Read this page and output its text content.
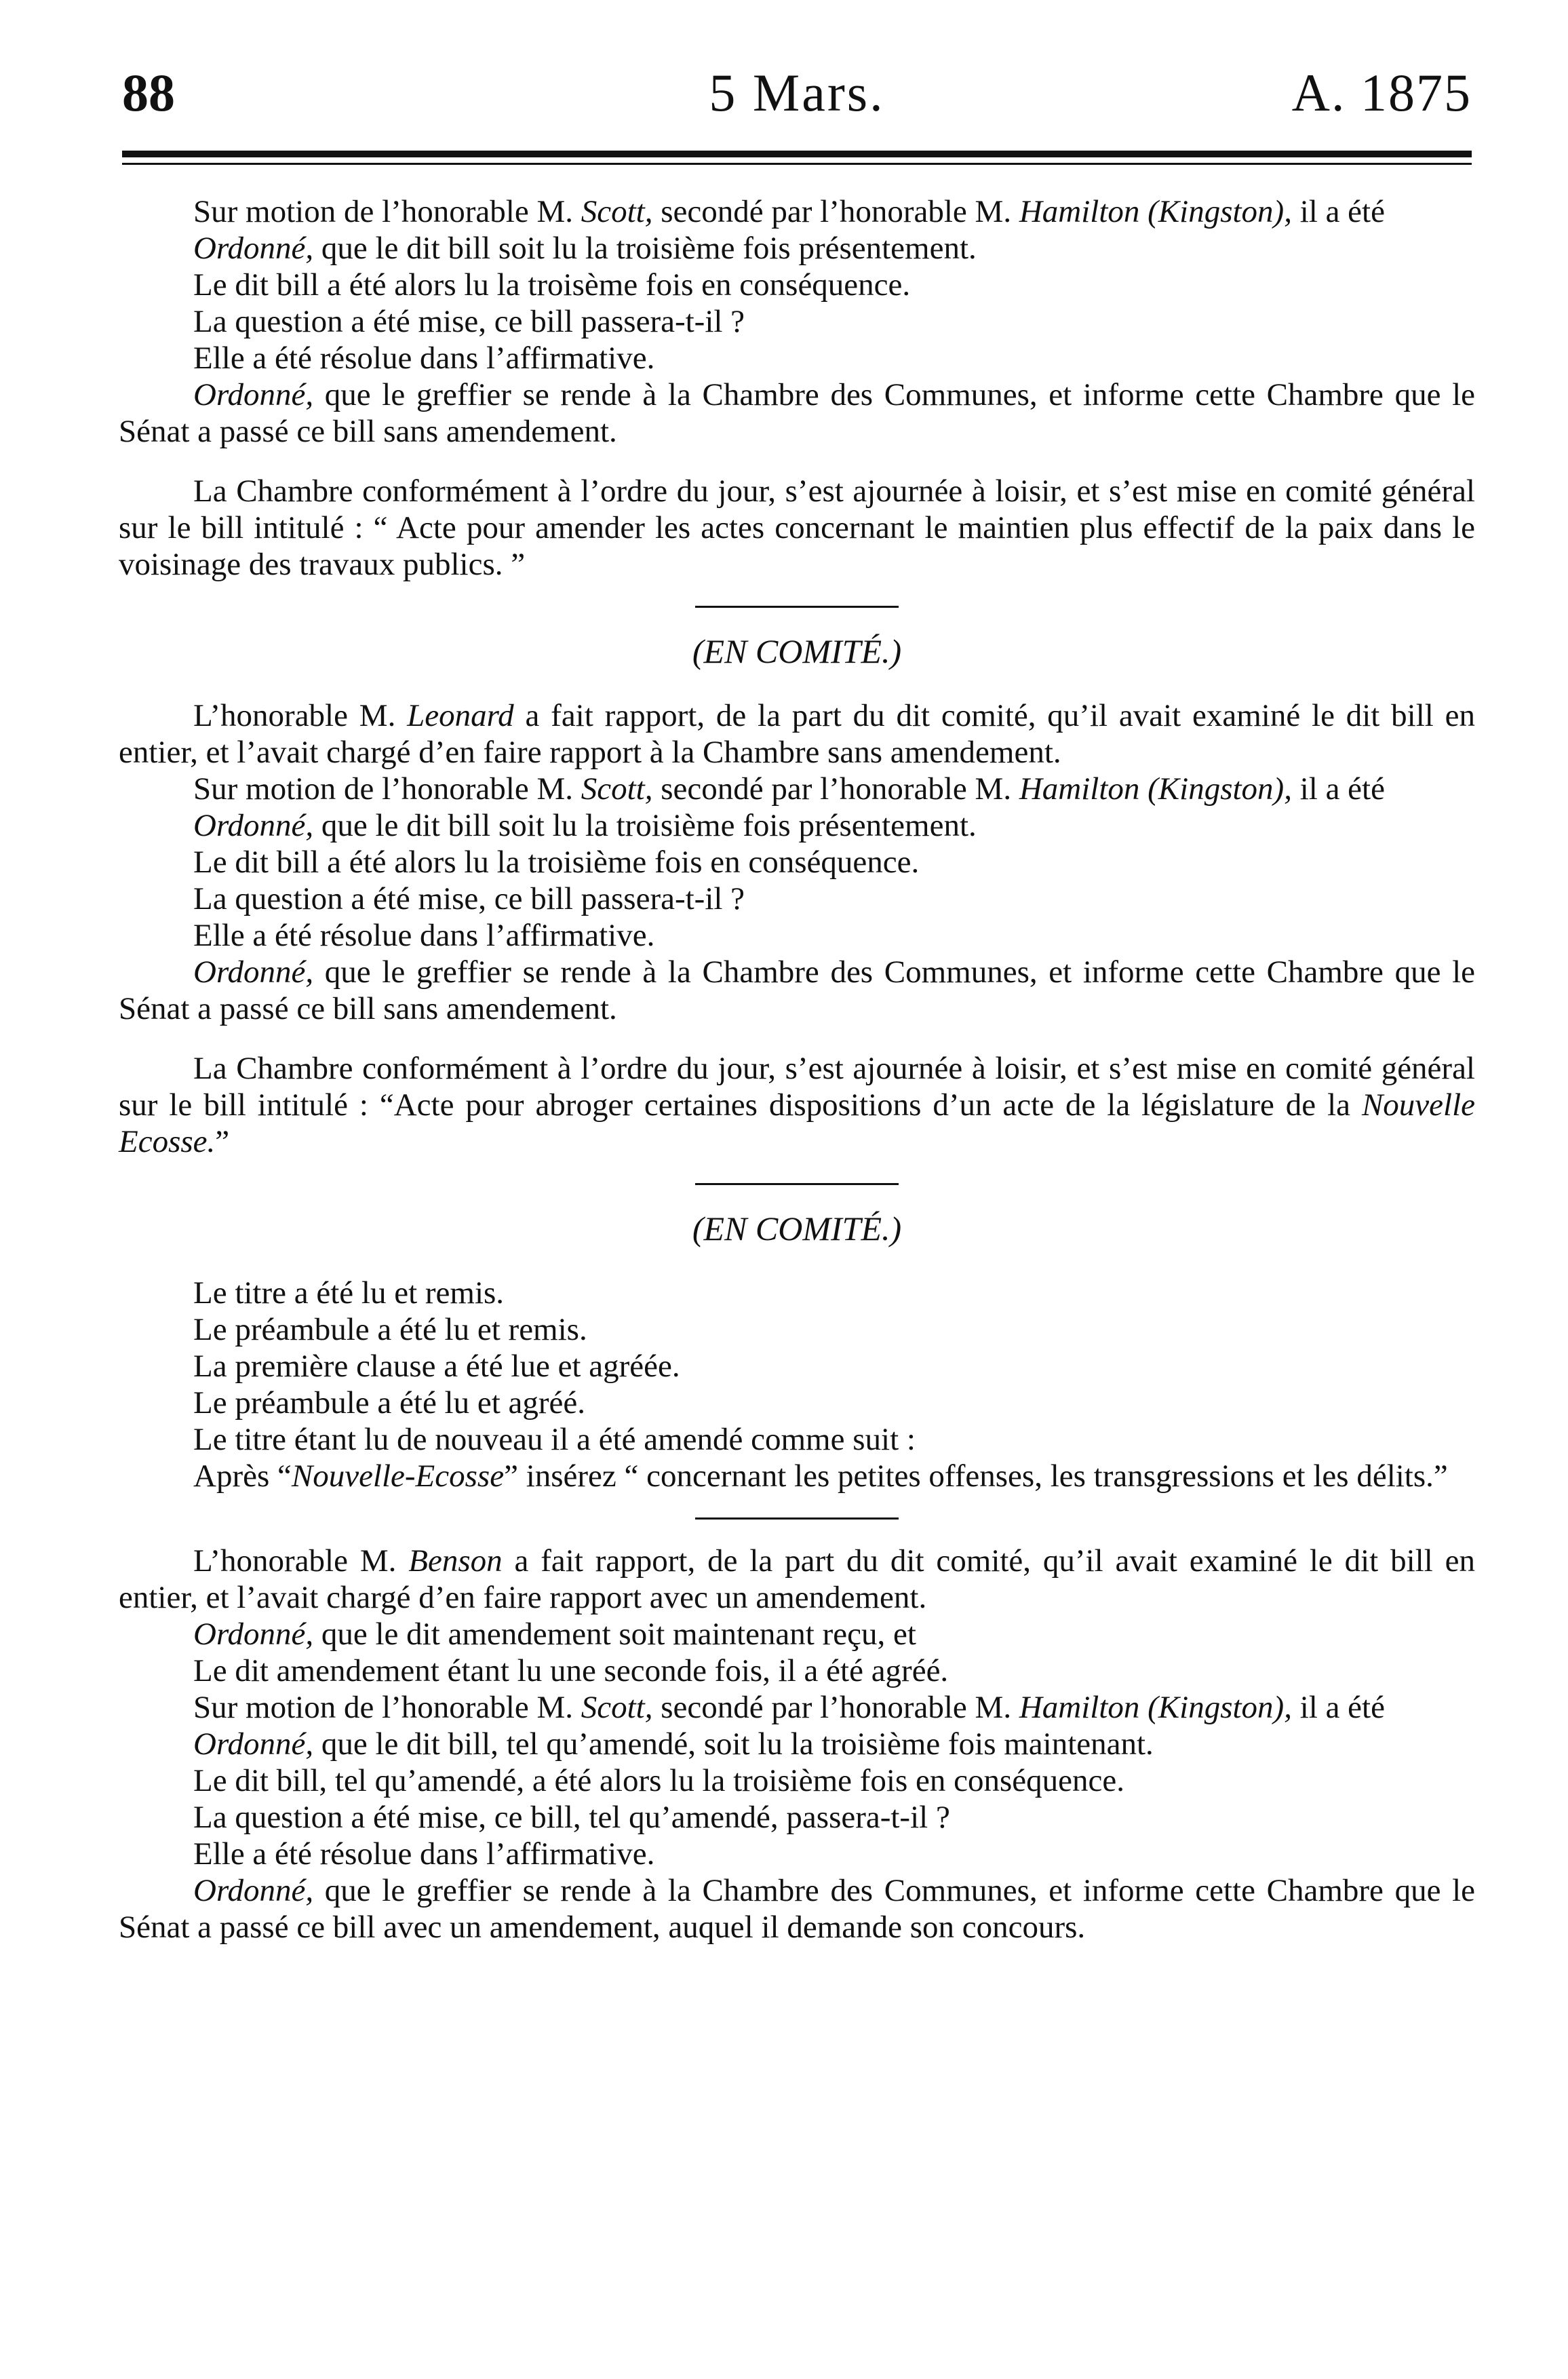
5 Mars.
88	A. 1875

Sur motion de l’honorable M. Scott, secondé par l’honorable M. Hamilton (Kingston), il a été

Ordonné, que le dit bill soit lu la troisième fois présentement.

Le dit bill a été alors lu la troisème fois en conséquence.

La question a été mise, ce bill passera-t-il ?

Elle a été résolue dans l’affirmative.

Ordonné, que le greffier se rende à la Chambre des Communes, et informe cette Chambre que le Sénat a passé ce bill sans amendement.

La Chambre conformément à l’ordre du jour, s’est ajournée à loisir, et s’est mise en comité général sur le bill intitulé : “ Acte pour amender les actes concernant le maintien plus effectif de la paix dans le voisinage des travaux publics. ”

(EN COMITÉ.)

L’honorable M. Leonard a fait rapport, de la part du dit comité, qu’il avait examiné le dit bill en entier, et l’avait chargé d’en faire rapport à la Chambre sans amendement.

Sur motion de l’honorable M. Scott, secondé par l’honorable M. Hamilton (Kingston), il a été

Ordonné, que le dit bill soit lu la troisième fois présentement.

Le dit bill a été alors lu la troisième fois en conséquence.

La question a été mise, ce bill passera-t-il ?

Elle a été résolue dans l’affirmative.

Ordonné, que le greffier se rende à la Chambre des Communes, et informe cette Chambre que le Sénat a passé ce bill sans amendement.

La Chambre conformément à l’ordre du jour, s’est ajournée à loisir, et s’est mise en comité général sur le bill intitulé : “Acte pour abroger certaines dispositions d’un acte de la législature de la Nouvelle Ecosse.”

(EN COMITÉ.)

Le titre a été lu et remis.

Le préambule a été lu et remis.

La première clause a été lue et agréée.

Le préambule a été lu et agréé.

Le titre étant lu de nouveau il a été amendé comme suit :

Après “Nouvelle-Ecosse” insérez “ concernant les petites offenses, les transgressions et les délits.”

L’honorable M. Benson a fait rapport, de la part du dit comité, qu’il avait examiné le dit bill en entier, et l’avait chargé d’en faire rapport avec un amendement.

Ordonné, que le dit amendement soit maintenant reçu, et

Le dit amendement étant lu une seconde fois, il a été agréé.

Sur motion de l’honorable M. Scott, secondé par l’honorable M. Hamilton (Kingston), il a été

Ordonné, que le dit bill, tel qu’amendé, soit lu la troisième fois maintenant.

Le dit bill, tel qu’amendé, a été alors lu la troisième fois en conséquence.

La question a été mise, ce bill, tel qu’amendé, passera-t-il ?

Elle a été résolue dans l’affirmative.

Ordonné, que le greffier se rende à la Chambre des Communes, et informe cette Chambre que le Sénat a passé ce bill avec un amendement, auquel il demande son concours.
